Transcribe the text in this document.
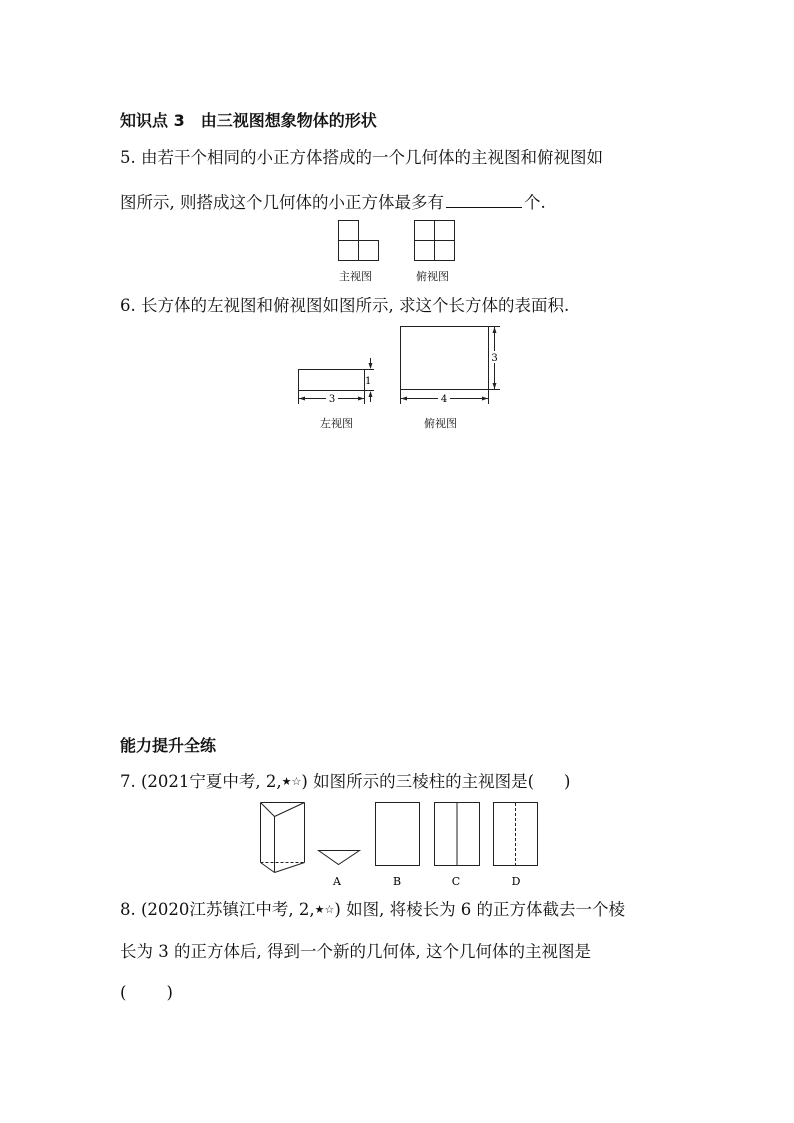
知识点 3　由三视图想象物体的形状
5. 由若干个相同的小正方体搭成的一个几何体的主视图和俯视图如
图所示, 则搭成这个几何体的小正方体最多有	个.
主视图	俯视图
6. 长方体的左视图和俯视图如图所示, 求这个长方体的表面积.
3
1
4
3
左视图	俯视图
能力提升全练
7. (2021宁夏中考, 2,★☆) 如图所示的三棱柱的主视图是( )
A	B	C	D
8. (2020江苏镇江中考, 2,★☆) 如图, 将棱长为 6 的正方体截去一个棱
长为 3 的正方体后, 得到一个新的几何体, 这个几何体的主视图是
( )
